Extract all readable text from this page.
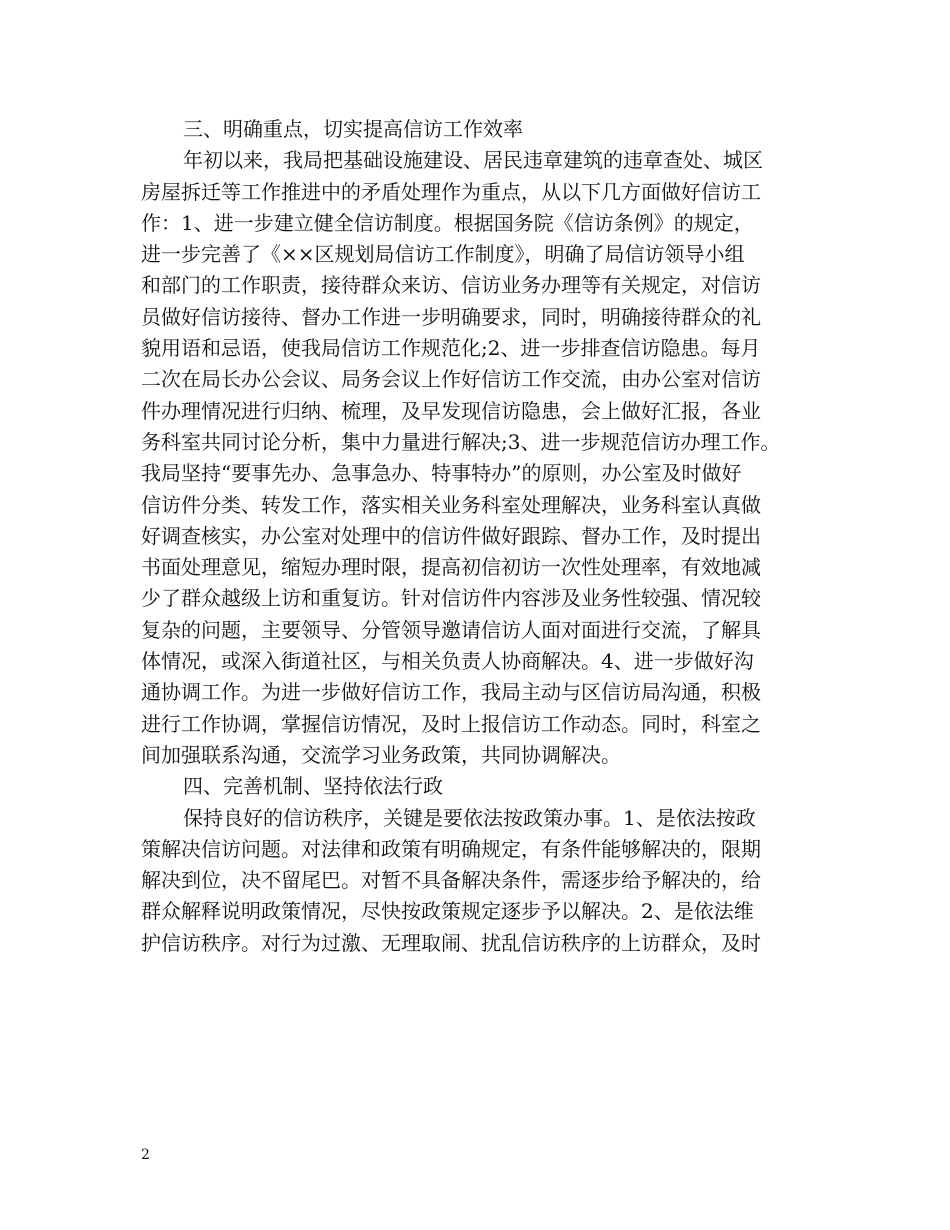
三、明确重点，切实提高信访工作效率
年初以来，我局把基础设施建设、居民违章建筑的违章查处、城区
房屋拆迁等工作推进中的矛盾处理作为重点，从以下几方面做好信访工
作：1、进一步建立健全信访制度。根据国务院《信访条例》的规定，
进一步完善了《××区规划局信访工作制度》，明确了局信访领导小组
和部门的工作职责，接待群众来访、信访业务办理等有关规定，对信访
员做好信访接待、督办工作进一步明确要求，同时，明确接待群众的礼
貌用语和忌语，使我局信访工作规范化;2、进一步排查信访隐患。每月
二次在局长办公会议、局务会议上作好信访工作交流，由办公室对信访
件办理情况进行归纳、梳理，及早发现信访隐患，会上做好汇报，各业
务科室共同讨论分析，集中力量进行解决;3、进一步规范信访办理工作。
我局坚持“要事先办、急事急办、特事特办”的原则，办公室及时做好
信访件分类、转发工作，落实相关业务科室处理解决，业务科室认真做
好调查核实，办公室对处理中的信访件做好跟踪、督办工作，及时提出
书面处理意见，缩短办理时限，提高初信初访一次性处理率，有效地减
少了群众越级上访和重复访。针对信访件内容涉及业务性较强、情况较
复杂的问题，主要领导、分管领导邀请信访人面对面进行交流，了解具
体情况，或深入街道社区，与相关负责人协商解决。4、进一步做好沟
通协调工作。为进一步做好信访工作，我局主动与区信访局沟通，积极
进行工作协调，掌握信访情况，及时上报信访工作动态。同时，科室之
间加强联系沟通，交流学习业务政策，共同协调解决。
四、完善机制、坚持依法行政
保持良好的信访秩序，关键是要依法按政策办事。1、是依法按政
策解决信访问题。对法律和政策有明确规定，有条件能够解决的，限期
解决到位，决不留尾巴。对暂不具备解决条件，需逐步给予解决的，给
群众解释说明政策情况，尽快按政策规定逐步予以解决。2、是依法维
护信访秩序。对行为过激、无理取闹、扰乱信访秩序的上访群众，及时
2
